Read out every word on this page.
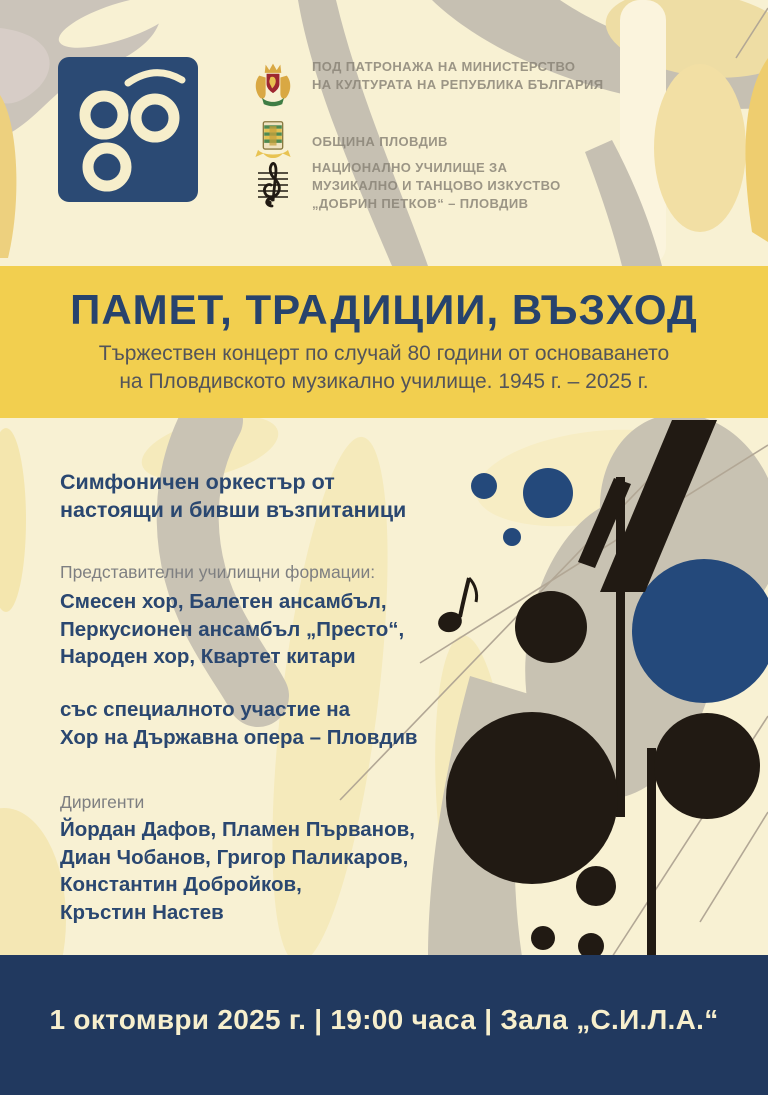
ПОД ПАТРОНАЖА НА МИНИСТЕРСТВО
НА КУЛТУРАТА НА РЕПУБЛИКА БЪЛГАРИЯ
ОБЩИНА ПЛОВДИВ
НАЦИОНАЛНО УЧИЛИЩЕ ЗА
МУЗИКАЛНО И ТАНЦОВО ИЗКУСТВО
„ДОБРИН ПЕТКОВ“ – ПЛОВДИВ
ПАМЕТ, ТРАДИЦИИ, ВЪЗХОД

Тържествен концерт по случай 80 години от основаването
на Пловдивското музикално училище. 1945 г. – 2025 г.

Симфоничен оркестър от
настоящи и бивши възпитаници
Представителни училищни формации:
Смесен хор, Балетен ансамбъл,
Перкусионен ансамбъл „Престо“,
Народен хор, Квартет китари
със специалното участие на
Хор на Държавна опера – Пловдив
Диригенти
Йордан Дафов, Пламен Първанов,
Диан Чобанов, Григор Паликаров,
Константин Добройков,
Кръстин Настев
1 октомври 2025 г. | 19:00 часа | Зала „С.И.Л.А.“
